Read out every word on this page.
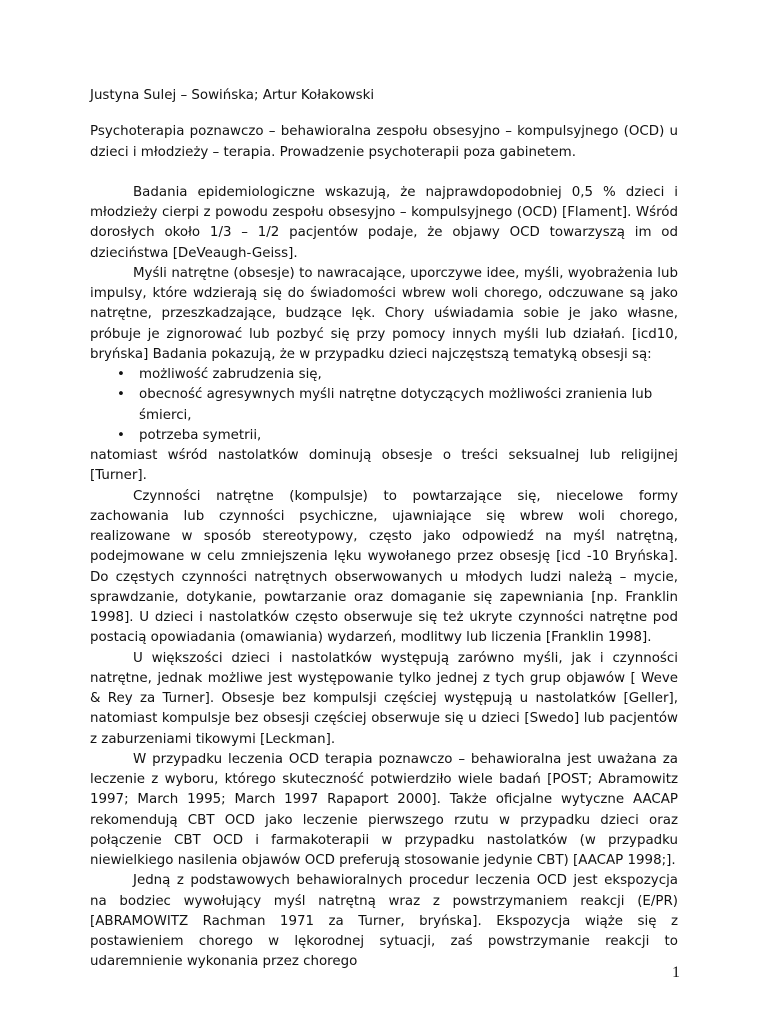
Justyna Sulej – Sowińska; Artur Kołakowski

Psychoterapia poznawczo – behawioralna zespołu obsesyjno – kompulsyjnego (OCD) u dzieci i młodzieży – terapia. Prowadzenie psychoterapii poza gabinetem.

Badania epidemiologiczne wskazują, że najprawdopodobniej 0,5 % dzieci i młodzieży cierpi z powodu zespołu obsesyjno – kompulsyjnego (OCD) [Flament]. Wśród dorosłych około 1/3 – 1/2 pacjentów podaje, że objawy OCD towarzyszą im od dzieciństwa [DeVeaugh-Geiss].

Myśli natrętne (obsesje) to nawracające, uporczywe idee, myśli, wyobrażenia lub impulsy, które wdzierają się do świadomości wbrew woli chorego, odczuwane są jako natrętne, przeszkadzające, budzące lęk. Chory uświadamia sobie je jako własne, próbuje je zignorować lub pozbyć się przy pomocy innych myśli lub działań. [icd10, bryńska] Badania pokazują, że w przypadku dzieci najczęstszą tematyką obsesji są:

• możliwość zabrudzenia się,
• obecność agresywnych myśli natrętne dotyczących możliwości zranienia lub śmierci,
• potrzeba symetrii,

natomiast wśród nastolatków dominują obsesje o treści seksualnej lub religijnej [Turner].

Czynności natrętne (kompulsje) to powtarzające się, niecelowe formy zachowania lub czynności psychiczne, ujawniające się wbrew woli chorego, realizowane w sposób stereotypowy, często jako odpowiedź na myśl natrętną, podejmowane w celu zmniejszenia lęku wywołanego przez obsesję [icd -10 Bryńska]. Do częstych czynności natrętnych obserwowanych u młodych ludzi należą – mycie, sprawdzanie, dotykanie, powtarzanie oraz domaganie się zapewniania [np. Franklin 1998]. U dzieci i nastolatków często obserwuje się też ukryte czynności natrętne pod postacią opowiadania (omawiania) wydarzeń, modlitwy lub liczenia [Franklin 1998].

U większości dzieci i nastolatków występują zarówno myśli, jak i czynności natrętne, jednak możliwe jest występowanie tylko jednej z tych grup objawów [ Weve & Rey za Turner]. Obsesje bez kompulsji częściej występują u nastolatków [Geller], natomiast kompulsje bez obsesji częściej obserwuje się u dzieci [Swedo] lub pacjentów z zaburzeniami tikowymi [Leckman].

W przypadku leczenia OCD terapia poznawczo – behawioralna jest uważana za leczenie z wyboru, którego skuteczność potwierdziło wiele badań [POST; Abramowitz 1997; March 1995; March 1997 Rapaport 2000]. Także oficjalne wytyczne AACAP rekomendują CBT OCD jako leczenie pierwszego rzutu w przypadku dzieci oraz połączenie CBT OCD i farmakoterapii w przypadku nastolatków (w przypadku niewielkiego nasilenia objawów OCD preferują stosowanie jedynie CBT) [AACAP 1998;].

Jedną z podstawowych behawioralnych procedur leczenia OCD jest ekspozycja na bodziec wywołujący myśl natrętną wraz z powstrzymaniem reakcji (E/PR) [ABRAMOWITZ Rachman 1971 za Turner, bryńska]. Ekspozycja wiąże się z postawieniem chorego w lękorodnej sytuacji, zaś powstrzymanie reakcji to udaremnienie wykonania przez chorego

1
